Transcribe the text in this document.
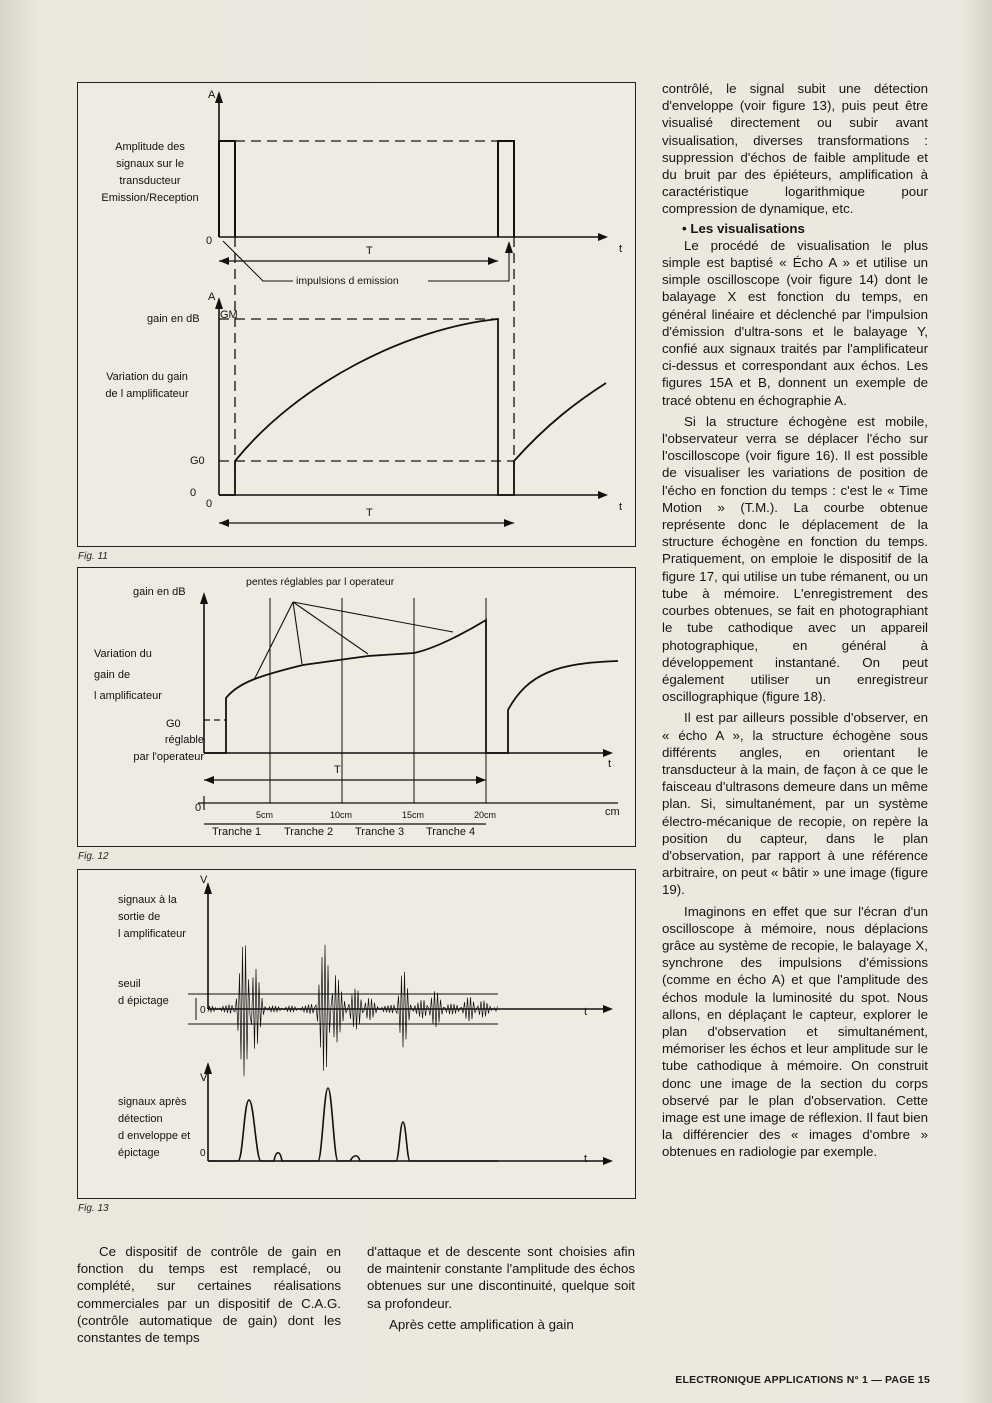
A
Amplitude des
signaux sur le
transducteur
Emission/Reception
0
t
T
impulsions d emission
A
gain en dB GM
Variation du gain
de l amplificateur
G0
0
0	t
T
Fig. 11
pentes réglables par l operateur
gain en dB
Variation du
gain de
l amplificateur
G0
réglable
par l'operateur
t
T
0	cm
5cm	10cm	15cm	20cm
Tranche 1 Tranche 2 Tranche 3 Tranche 4
Fig. 12
V
signaux à la
sortie de
l amplificateur
seuil
d épictage
0	t
V
signaux après
détection
d enveloppe et
épictage	0	t
Fig. 13

Ce dispositif de contrôle de gain en fonction du temps est remplacé, ou complété, sur certaines réalisations commerciales par un dispositif de C.A.G. (contrôle automatique de gain) dont les constantes de temps

d'attaque et de descente sont choisies afin de maintenir constante l'amplitude des échos obtenues sur une discontinuité, quelque soit sa profondeur.

Après cette amplification à gain

contrôlé, le signal subit une détection d'enveloppe (voir figure 13), puis peut être visualisé directement ou subir avant visualisation, diverses transformations : suppression d'échos de faible amplitude et du bruit par des épiéteurs, amplification à caractéristique logarithmique pour compression de dynamique, etc.

• Les visualisations

Le procédé de visualisation le plus simple est baptisé « Écho A » et utilise un simple oscilloscope (voir figure 14) dont le balayage X est fonction du temps, en général linéaire et déclenché par l'impulsion d'émission d'ultra-sons et le balayage Y, confié aux signaux traités par l'amplificateur ci-dessus et correspondant aux échos. Les figures 15A et B, donnent un exemple de tracé obtenu en échographie A.

Si la structure échogène est mobile, l'observateur verra se déplacer l'écho sur l'oscilloscope (voir figure 16). Il est possible de visualiser les variations de position de l'écho en fonction du temps : c'est le « Time Motion » (T.M.). La courbe obtenue représente donc le déplacement de la structure échogène en fonction du temps. Pratiquement, on emploie le dispositif de la figure 17, qui utilise un tube rémanent, ou un tube à mémoire. L'enregistrement des courbes obtenues, se fait en photographiant le tube cathodique avec un appareil photographique, en général à développement instantané. On peut également utiliser un enregistreur oscillographique (figure 18).

Il est par ailleurs possible d'observer, en « écho A », la structure échogène sous différents angles, en orientant le transducteur à la main, de façon à ce que le faisceau d'ultrasons demeure dans un même plan. Si, simultanément, par un système électro-mécanique de recopie, on repère la position du capteur, dans le plan d'observation, par rapport à une référence arbitraire, on peut « bâtir » une image (figure 19).

Imaginons en effet que sur l'écran d'un oscilloscope à mémoire, nous déplacions grâce au système de recopie, le balayage X, synchrone des impulsions d'émissions (comme en écho A) et que l'amplitude des échos module la luminosité du spot. Nous allons, en déplaçant le capteur, explorer le plan d'observation et simultanément, mémoriser les échos et leur amplitude sur le tube cathodique à mémoire. On construit donc une image de la section du corps observé par le plan d'observation. Cette image est une image de réflexion. Il faut bien la différencier des « images d'ombre » obtenues en radiologie par exemple.

ELECTRONIQUE APPLICATIONS N° 1 — PAGE 15
